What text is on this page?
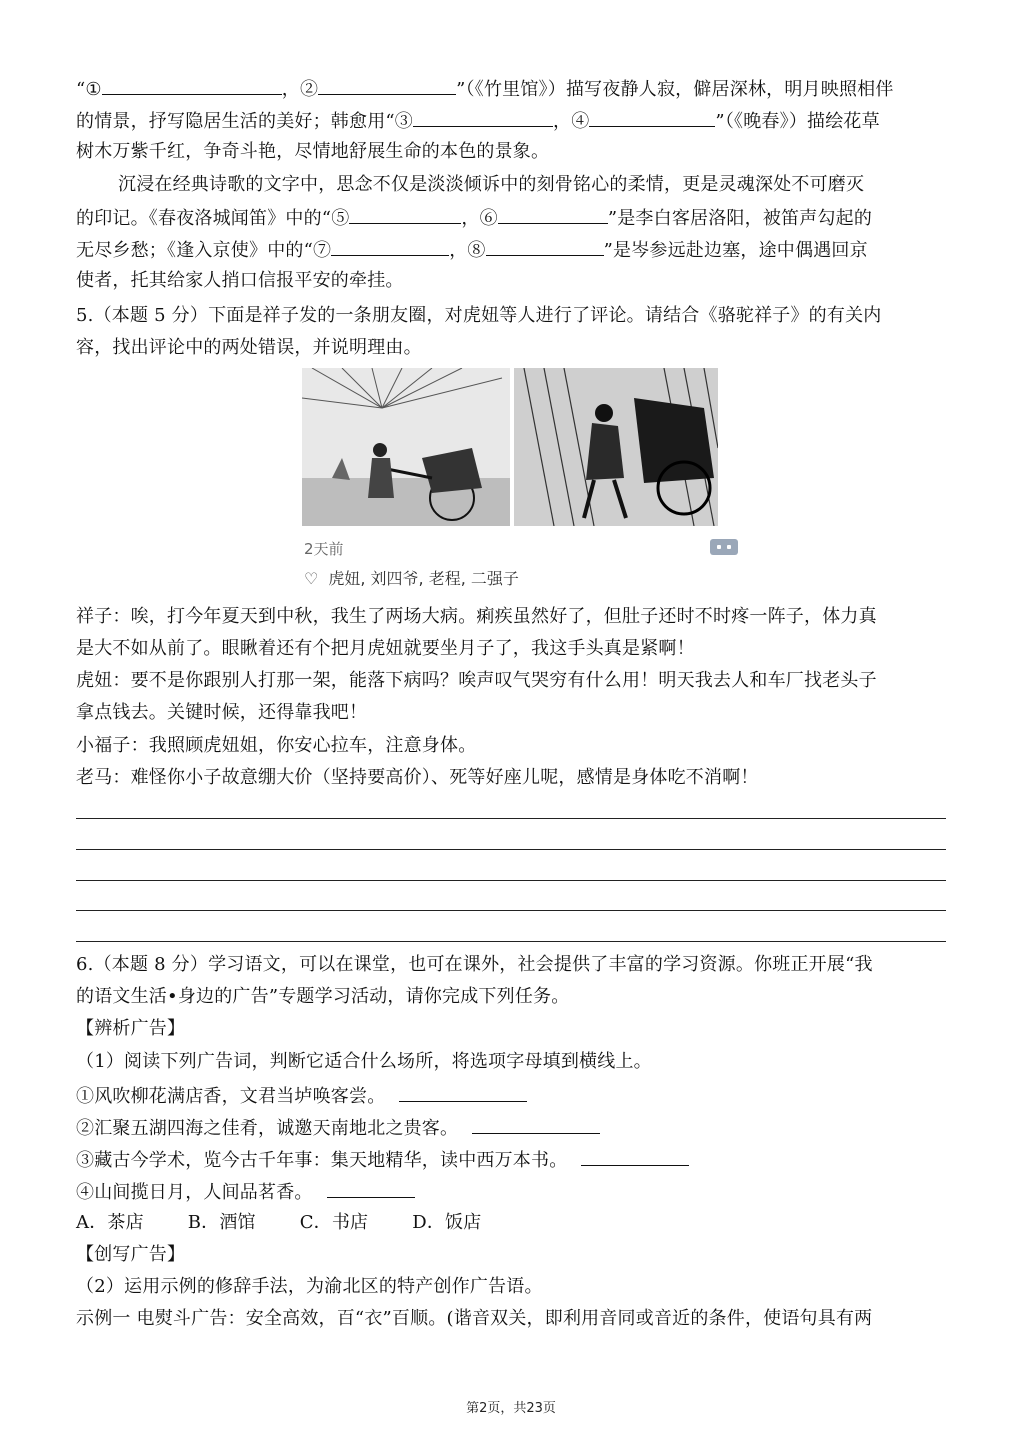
“①	，②	”（《竹里馆》）描写夜静人寂，僻居深林，明月映照相伴
的情景，抒写隐居生活的美好；韩愈用“③	，④	”（《晚春》）描绘花草
树木万紫千红，争奇斗艳，尽情地舒展生命的本色的景象。
沉浸在经典诗歌的文字中，思念不仅是淡淡倾诉中的刻骨铭心的柔情，更是灵魂深处不可磨灭
的印记。《春夜洛城闻笛》中的“⑤	，⑥	”是李白客居洛阳，被笛声勾起的
无尽乡愁；《逢入京使》中的“⑦	，⑧	”是岑参远赴边塞，途中偶遇回京
使者，托其给家人捎口信报平安的牵挂。
5.（本题 5 分）下面是祥子发的一条朋友圈，对虎妞等人进行了评论。请结合《骆驼祥子》的有关内
容，找出评论中的两处错误，并说明理由。
2天前
♡ 虎妞, 刘四爷, 老程, 二强子
祥子：唉，打今年夏天到中秋，我生了两场大病。痢疾虽然好了，但肚子还时不时疼一阵子，体力真
是大不如从前了。眼瞅着还有个把月虎妞就要坐月子了，我这手头真是紧啊！
虎妞：要不是你跟别人打那一架，能落下病吗？唉声叹气哭穷有什么用！明天我去人和车厂找老头子
拿点钱去。关键时候，还得靠我吧！
小福子：我照顾虎妞姐，你安心拉车，注意身体。
老马：难怪你小子故意绷大价（坚持要高价）、死等好座儿呢，感情是身体吃不消啊！
6.（本题 8 分）学习语文，可以在课堂，也可在课外，社会提供了丰富的学习资源。你班正开展“我
的语文生活•身边的广告”专题学习活动，请你完成下列任务。
【辨析广告】
（1）阅读下列广告词，判断它适合什么场所，将选项字母填到横线上。
①风吹柳花满店香，文君当垆唤客尝。
②汇聚五湖四海之佳肴，诚邀天南地北之贵客。
③藏古今学术，览今古千年事：集天地精华，读中西万本书。
④山间揽日月，人间品茗香。
A．茶店 B．酒馆 C．书店 D．饭店
【创写广告】
（2）运用示例的修辞手法，为渝北区的特产创作广告语。
示例一 电熨斗广告：安全高效，百“衣”百顺。(谐音双关，即利用音同或音近的条件，使语句具有两
第2页，共23页
